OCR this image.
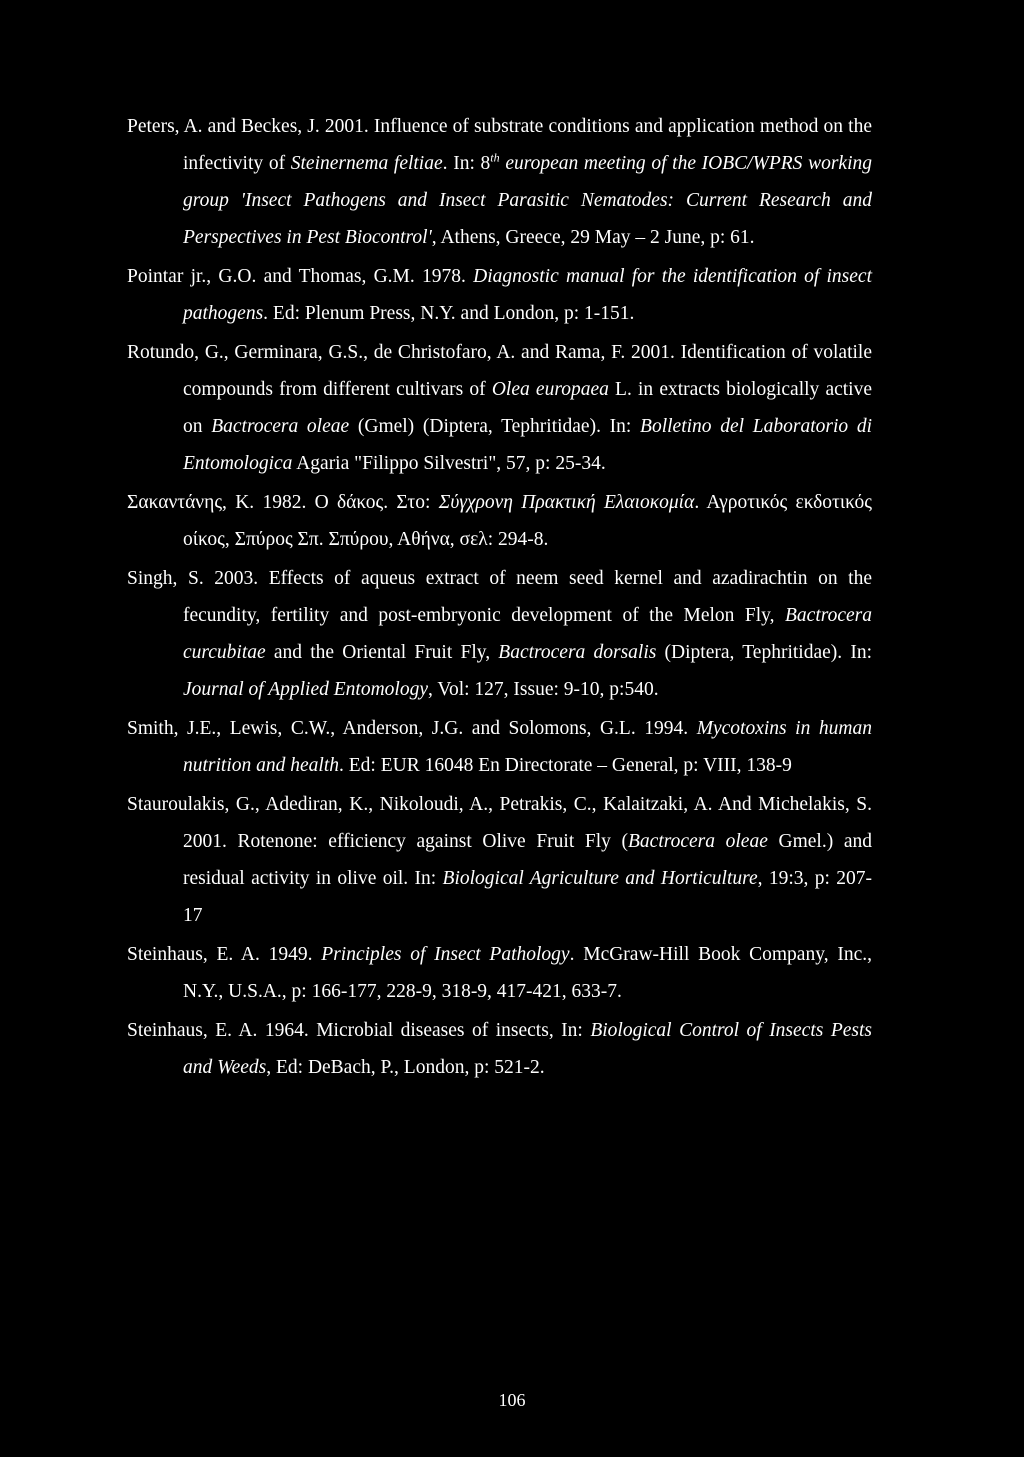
Peters, A. and Beckes, J. 2001. Influence of substrate conditions and application method on the infectivity of Steinernema feltiae. In: 8th european meeting of the IOBC/WPRS working group 'Insect Pathogens and Insect Parasitic Nematodes: Current Research and Perspectives in Pest Biocontrol', Athens, Greece, 29 May – 2 June, p: 61.

Pointar jr., G.O. and Thomas, G.M. 1978. Diagnostic manual for the identification of insect pathogens. Ed: Plenum Press, N.Y. and London, p: 1-151.

Rotundo, G., Germinara, G.S., de Christofaro, A. and Rama, F. 2001. Identification of volatile compounds from different cultivars of Olea europaea L. in extracts biologically active on Bactrocera oleae (Gmel) (Diptera, Tephritidae). In: Bolletino del Laboratorio di Entomologica Agaria "Filippo Silvestri", 57, p: 25-34.

Σακαντάνης, Κ. 1982. Ο δάκος. Στο: Σύγχρονη Πρακτική Ελαιοκομία. Αγροτικός εκδοτικός οίκος, Σπύρος Σπ. Σπύρου, Αθήνα, σελ: 294-8.

Singh, S. 2003. Effects of aqueus extract of neem seed kernel and azadirachtin on the fecundity, fertility and post-embryonic development of the Melon Fly, Bactrocera curcubitae and the Oriental Fruit Fly, Bactrocera dorsalis (Diptera, Tephritidae). In: Journal of Applied Entomology, Vol: 127, Issue: 9-10, p:540.

Smith, J.E., Lewis, C.W., Anderson, J.G. and Solomons, G.L. 1994. Mycotoxins in human nutrition and health. Ed: EUR 16048 En Directorate – General, p: VIII, 138-9

Stauroulakis, G., Adediran, K., Nikoloudi, A., Petrakis, C., Kalaitzaki, A. And Michelakis, S. 2001. Rotenone: efficiency against Olive Fruit Fly (Bactrocera oleae Gmel.) and residual activity in olive oil. In: Biological Agriculture and Horticulture, 19:3, p: 207-17

Steinhaus, E. A. 1949. Principles of Insect Pathology. McGraw-Hill Book Company, Inc., N.Y., U.S.A., p: 166-177, 228-9, 318-9, 417-421, 633-7.

Steinhaus, E. A. 1964. Microbial diseases of insects, In: Biological Control of Insects Pests and Weeds, Ed: DeBach, P., London, p: 521-2.

106
